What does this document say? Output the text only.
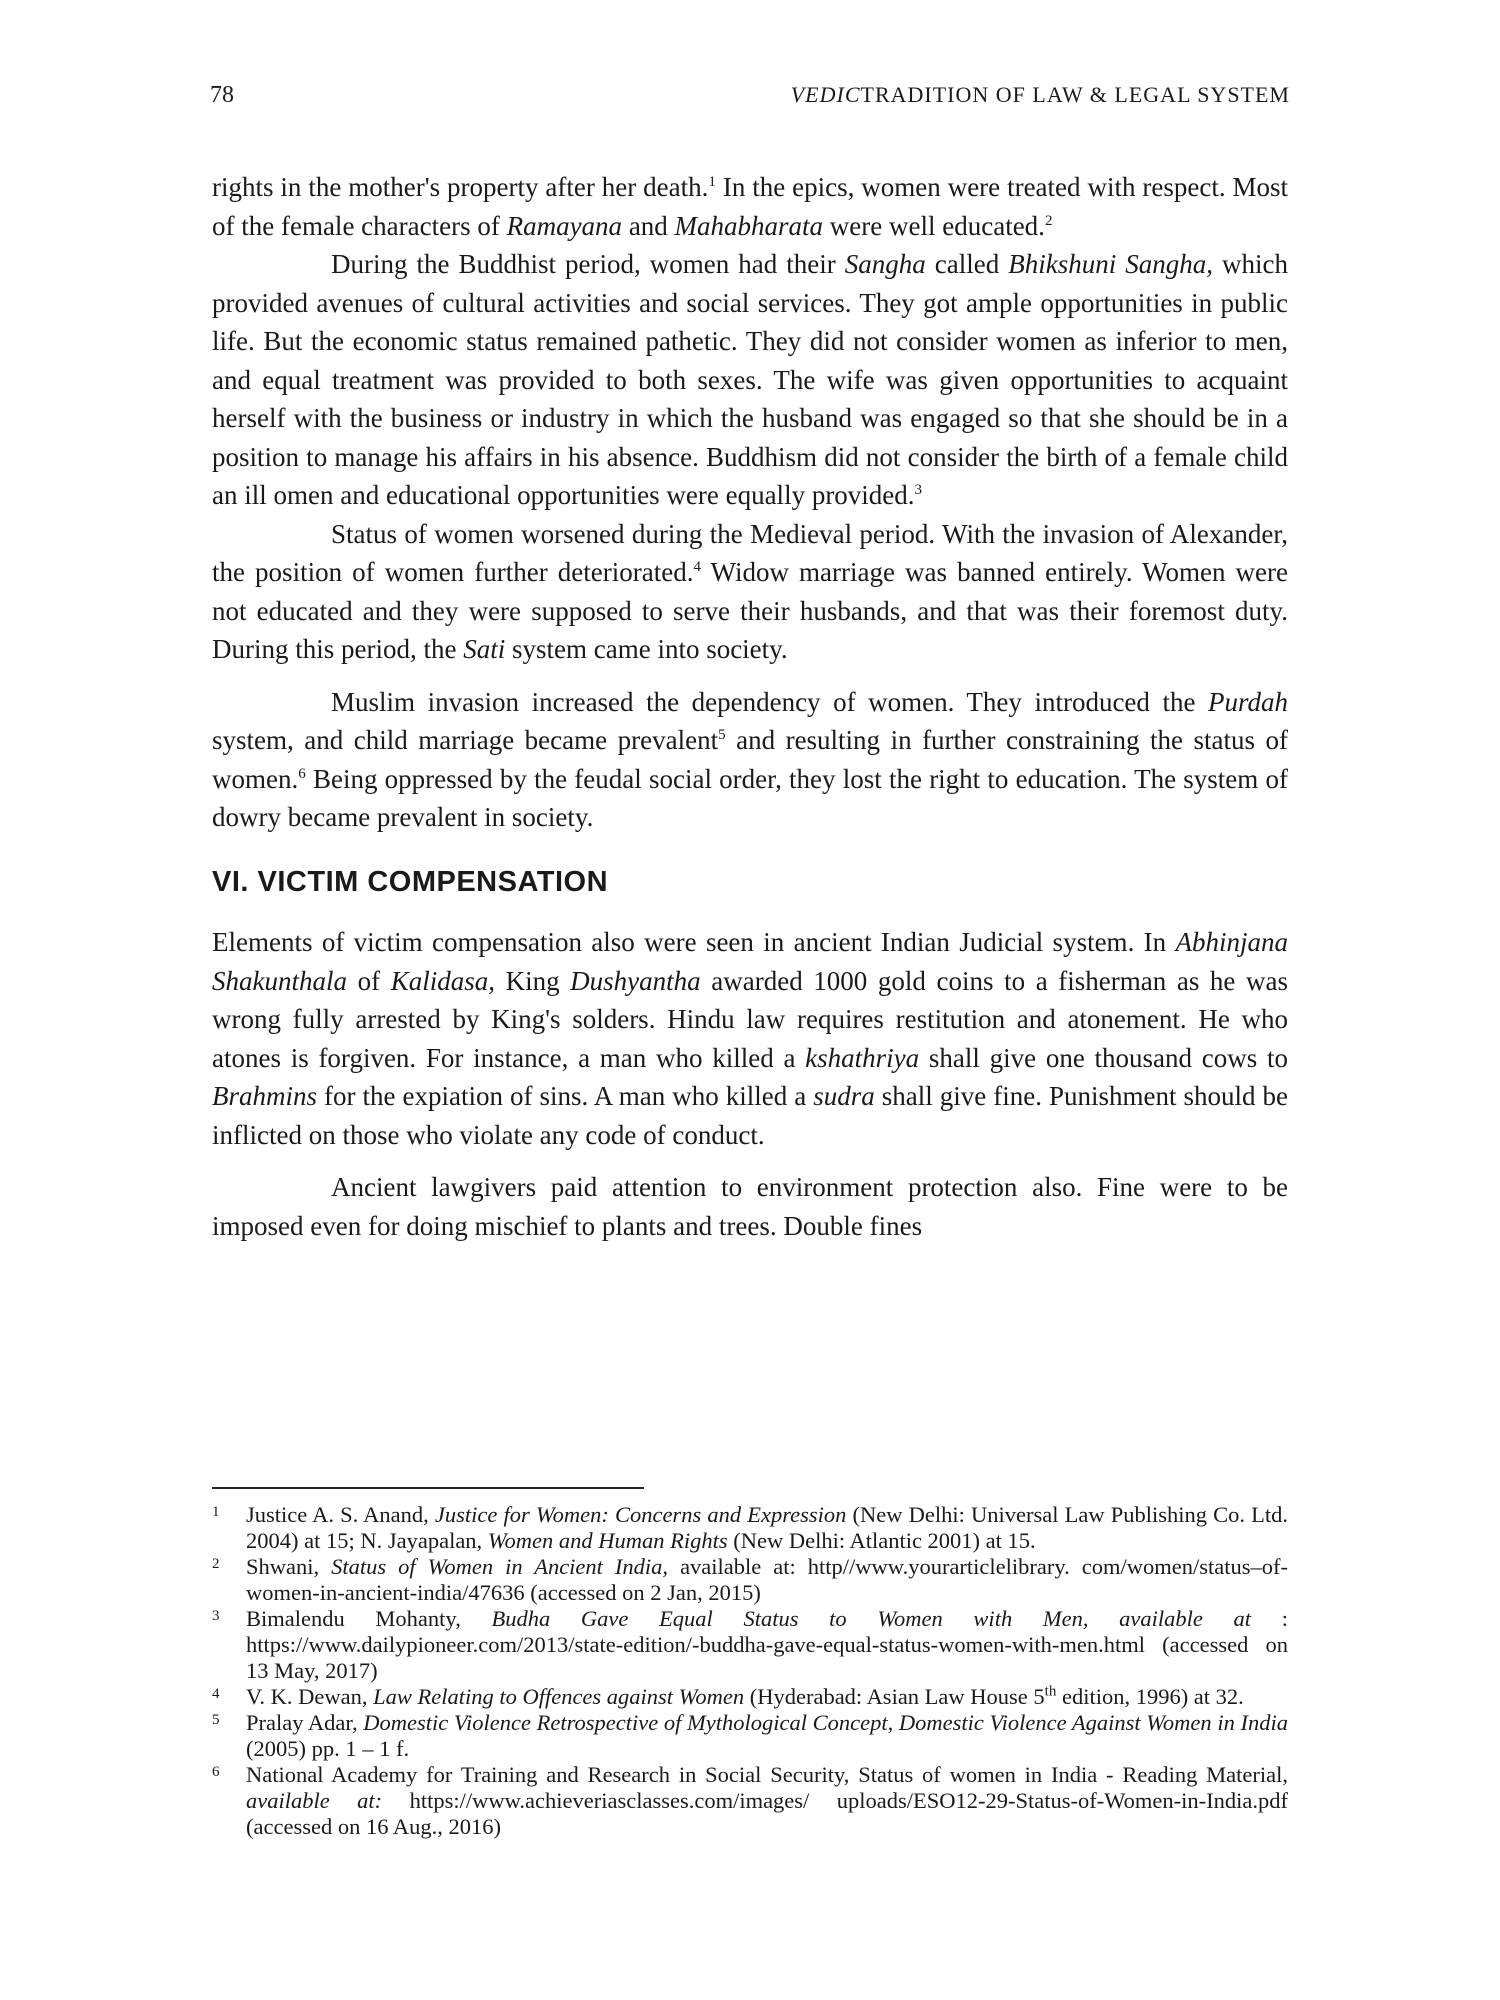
78	VEDICTRADITION OF LAW & LEGAL SYSTEM

rights in the mother's property after her death.$^1$ In the epics, women were treated with respect. Most of the female characters of Ramayana and Mahabharata were well educated.$^2$

During the Buddhist period, women had their Sangha called Bhikshuni Sangha, which provided avenues of cultural activities and social services. They got ample opportunities in public life. But the economic status remained pathetic. They did not consider women as inferior to men, and equal treatment was provided to both sexes. The wife was given opportunities to acquaint herself with the business or industry in which the husband was engaged so that she should be in a position to manage his affairs in his absence. Buddhism did not consider the birth of a female child an ill omen and educational opportunities were equally provided.$^3$

Status of women worsened during the Medieval period. With the invasion of Alexander, the position of women further deteriorated.$^4$ Widow marriage was banned entirely. Women were not educated and they were supposed to serve their husbands, and that was their foremost duty. During this period, the Sati system came into society.

Muslim invasion increased the dependency of women. They introduced the Purdah system, and child marriage became prevalent$^5$ and resulting in further constraining the status of women.$^6$ Being oppressed by the feudal social order, they lost the right to education. The system of dowry became prevalent in society.

VI. VICTIM COMPENSATION

Elements of victim compensation also were seen in ancient Indian Judicial system. In Abhinjana Shakunthala of Kalidasa, King Dushyantha awarded 1000 gold coins to a fisherman as he was wrong fully arrested by King's solders. Hindu law requires restitution and atonement. He who atones is forgiven. For instance, a man who killed a kshathriya shall give one thousand cows to Brahmins for the expiation of sins. A man who killed a sudra shall give fine. Punishment should be inflicted on those who violate any code of conduct.

Ancient lawgivers paid attention to environment protection also. Fine were to be imposed even for doing mischief to plants and trees. Double fines

1	Justice A. S. Anand, Justice for Women: Concerns and Expression (New Delhi: Universal Law Publishing Co. Ltd. 2004) at 15; N. Jayapalan, Women and Human Rights (New Delhi: Atlantic 2001) at 15.
2	Shwani, Status of Women in Ancient India, available at: http//www.yourarticlelibrary. com/women/status–of-women-in-ancient-india/47636 (accessed on 2 Jan, 2015)
3	Bimalendu Mohanty, Budha Gave Equal Status to Women with Men, available at : https://www.dailypioneer.com/2013/state-edition/-buddha-gave-equal-status-women-with-men.html (accessed on 13 May, 2017)
4	V. K. Dewan, Law Relating to Offences against Women (Hyderabad: Asian Law House 5th edition, 1996) at 32.
5	Pralay Adar, Domestic Violence Retrospective of Mythological Concept, Domestic Violence Against Women in India (2005) pp. 1 – 1 f.
6	National Academy for Training and Research in Social Security, Status of women in India - Reading Material, available at: https://www.achieveriasclasses.com/images/ uploads/ESO12-29-Status-of-Women-in-India.pdf (accessed on 16 Aug., 2016)
